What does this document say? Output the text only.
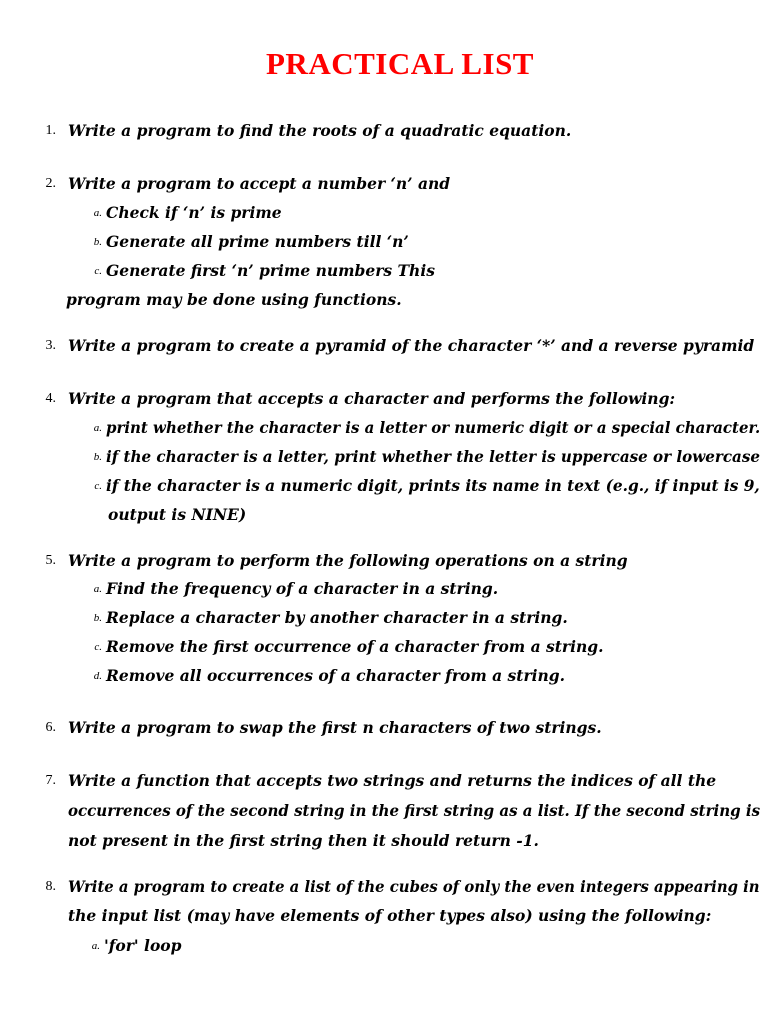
PRACTICAL LIST
1. Write a program to find the roots of a quadratic equation.
2. Write a program to accept a number ‘n’ and
a. Check if ‘n’ is prime
b. Generate all prime numbers till ‘n’
c. Generate first ‘n’ prime numbers This
program may be done using functions.
3. Write a program to create a pyramid of the character ‘*’ and a reverse pyramid
4. Write a program that accepts a character and performs the following:
a. print whether the character is a letter or numeric digit or a special character.
b. if the character is a letter, print whether the letter is uppercase or lowercase
c. if the character is a numeric digit, prints its name in text (e.g., if input is 9,
output is NINE)
5. Write a program to perform the following operations on a string
a. Find the frequency of a character in a string.
b. Replace a character by another character in a string.
c. Remove the first occurrence of a character from a string.
d. Remove all occurrences of a character from a string.
6. Write a program to swap the first n characters of two strings.
7. Write a function that accepts two strings and returns the indices of all the
occurrences of the second string in the first string as a list. If the second string is
not present in the first string then it should return -1.
8. Write a program to create a list of the cubes of only the even integers appearing in
the input list (may have elements of other types also) using the following:
a. 'for' loop
